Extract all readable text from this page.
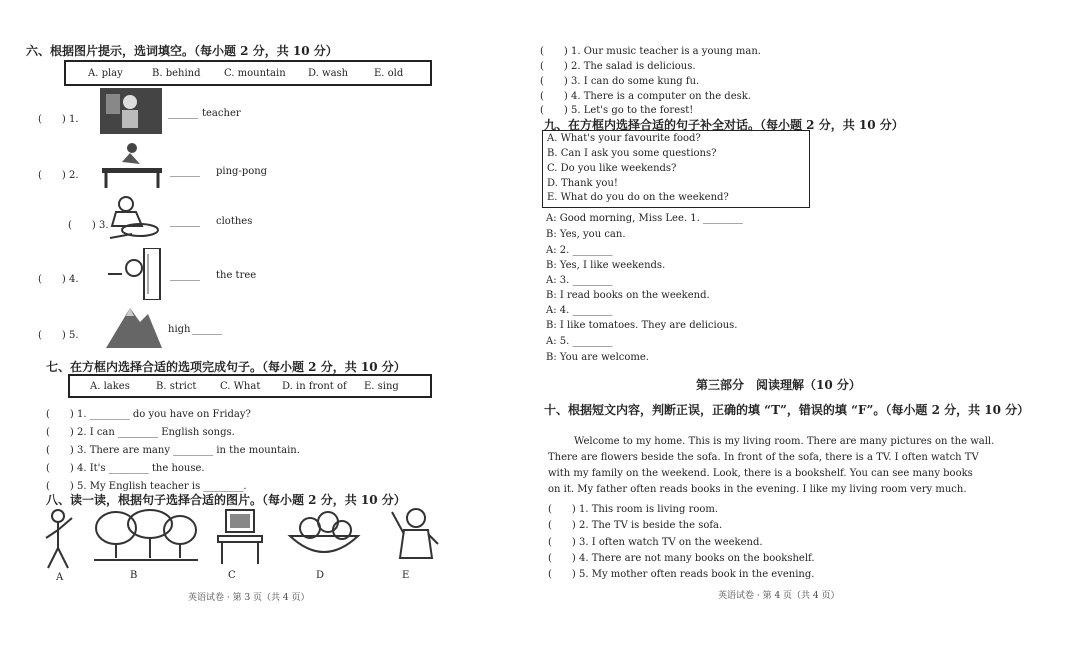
六、根据图片提示，选词填空。（每小题 2 分，共 10 分）
A. play	B. behind C. mountain D. wash	E. old
(　　) 1.
______ teacher
(　　) 2.	______ ping-pong
(　　) 3.	______ clothes
(　　) 4.	______ the tree
(　　) 5.
high ______
七、在方框内选择合适的选项完成句子。（每小题 2 分，共 10 分）
A. lakes	B. strict C. What D. in front of E. sing
(　　) 1. ________ do you have on Friday?
(　　) 2. I can ________ English songs.
(　　) 3. There are many ________ in the mountain.
(　　) 4. It's ________ the house.
(　　) 5. My English teacher is ________.
八、读一读，根据句子选择合适的图片。（每小题 2 分，共 10 分）
A	B	C	D	E
英语试卷 · 第 3 页（共 4 页）
(　　) 1. Our music teacher is a young man.
(　　) 2. The salad is delicious.
(　　) 3. I can do some kung fu.
(　　) 4. There is a computer on the desk.
(　　) 5. Let's go to the forest!
九、在方框内选择合适的句子补全对话。（每小题 2 分，共 10 分）
A. What's your favourite food?
B. Can I ask you some questions?
C. Do you like weekends?
D. Thank you!
E. What do you do on the weekend?
A: Good morning, Miss Lee. 1. ________
B: Yes, you can.
A: 2. ________
B: Yes, I like weekends.
A: 3. ________
B: I read books on the weekend.
A: 4. ________
B: I like tomatoes. They are delicious.
A: 5. ________
B: You are welcome.
第三部分　阅读理解（10 分）
十、根据短文内容，判断正误，正确的填 “T”，错误的填 “F”。（每小题 2 分，共 10 分）
Welcome to my home. This is my living room. There are many pictures on the wall.
There are flowers beside the sofa. In front of the sofa, there is a TV. I often watch TV
with my family on the weekend. Look, there is a bookshelf. You can see many books
on it. My father often reads books in the evening. I like my living room very much.
(　　) 1. This room is living room.
(　　) 2. The TV is beside the sofa.
(　　) 3. I often watch TV on the weekend.
(　　) 4. There are not many books on the bookshelf.
(　　) 5. My mother often reads book in the evening.
英语试卷 · 第 4 页（共 4 页）
